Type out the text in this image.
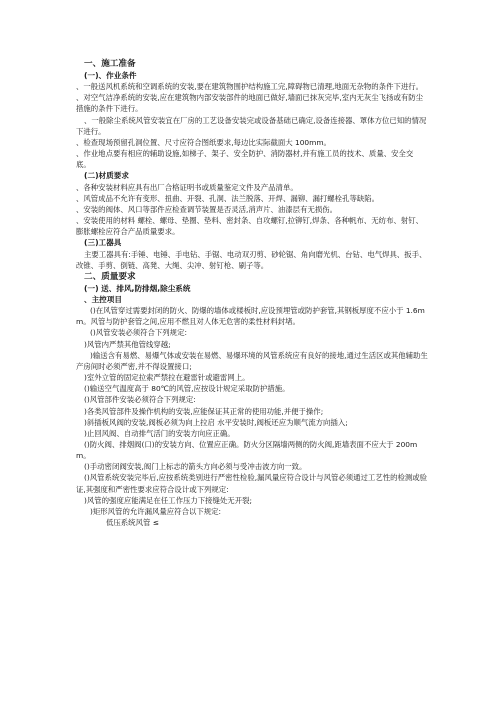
一、施工准备

(一)、作业条件

、一般送风机系统和空调系统的安装,要在建筑物围护结构施工完,障碍物已清理,地面无杂物的条件下进行。

、对空气洁净系统的安装,应在建筑物内部安装部件的地面已做好,墙面已抹灰完毕,室内无灰尘飞扬或有防尘措施的条件下进行。

、一般除尘系统风管安装宜在厂房的工艺设备安装完或设备基础已确定,设备连接器、罩体方位已知的情况下进行。

、检查现场预留孔洞位置、尺寸应符合图纸要求,每边比实际截面大 100mm。

、作业地点要有相应的辅助设施,如梯子、架子、安全防护、消防器材,并有施工员的技术、质量、安全交底。

(二)材质要求

、各种安装材料应具有出厂合格证明书或质量鉴定文件及产品清单。

、风管成品不允许有变形、扭曲、开裂、孔洞、法兰脱落、开焊、漏铆、漏打螺栓孔等缺陷。

、安装的阀体、风口等部件应检查调节装置是否灵活,消声片、油漆层有无损伤。

、安装使用的材料 螺栓、螺母、垫圈、垫料、密封条、自攻螺钉,拉铆钉,焊条、各种帆布、无纺布、射钉、膨胀螺栓应符合产品质量要求。

(三)工器具

主要工器具有:手锤、电锤、手电钻、手锯、电动双刃剪、砂轮锯、角向磨光机、台钻、电气焊具、扳手、改锥、手剪、倒链、高凳、大绳、尖冲、射钉枪、刷子等。

二、质量要求

(一) 送、排风,防排烟,除尘系统

、主控项目

()在风管穿过需要封闭的防火、防爆的墙体或楼板时,应设预埋管或防护套管,其钢板厚度不应小于 1.6mm。风管与防护套管之间,应用不燃且对人体无危害的柔性材料封堵。

()风管安装必须符合下列规定:

)风管内严禁其他管线穿越;

)输送含有易燃、易爆气体或安装在易燃、易爆环境的风管系统应有良好的接地,通过生活区或其他辅助生产房间时必须严密,并不得设置接口;

)室外立管的固定拉索严禁拉在避雷针或避雷网上。

()输送空气温度高于 80℃的风管,应按设计规定采取防护措施。

()风管部件安装必须符合下列规定:

)各类风管部件及操作机构的安装,应能保证其正常的使用功能,并便于操作;

)斜插板风阀的安装,阀板必须为向上拉启 水平安装时,阀板还应为顺气流方向插入;

)止回风阀、自动排气活门的安装方向应正确。

()防火阀、排烟阀(口)的安装方向、位置应正确。防火分区隔墙两侧的防火阀,距墙表面不应大于 200mm。

()手动密闭阀安装,阀门上标志的箭头方向必须与受冲击波方向一致。

()风管系统安装完毕后,应按系统类别进行严密性检验,漏风量应符合设计与风管必须通过工艺性的检测或验证,其强度和严密性要求应符合设计或下列规定:

)风管的强度应能满足在任工作压力下接缝处无开裂;

)矩形风管的允许漏风量应符合以下规定:

低压系统风管 ≤
